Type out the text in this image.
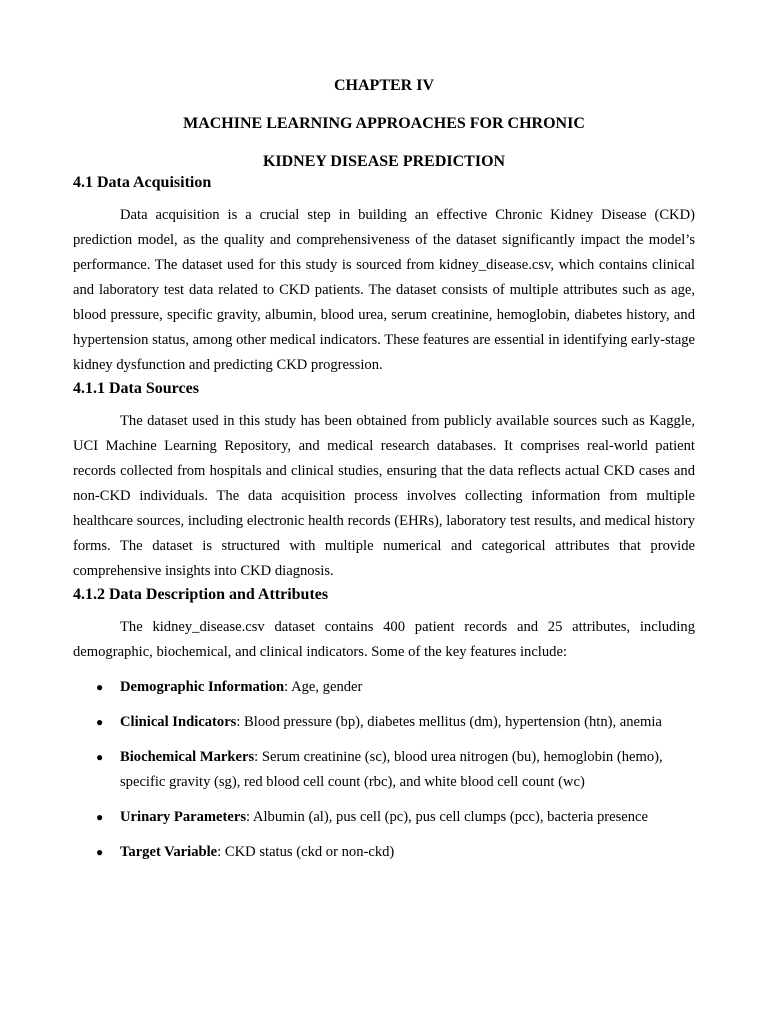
CHAPTER IV
MACHINE LEARNING APPROACHES FOR CHRONIC
KIDNEY DISEASE PREDICTION
4.1 Data Acquisition

Data acquisition is a crucial step in building an effective Chronic Kidney Disease (CKD) prediction model, as the quality and comprehensiveness of the dataset significantly impact the model’s performance. The dataset used for this study is sourced from kidney_disease.csv, which contains clinical and laboratory test data related to CKD patients. The dataset consists of multiple attributes such as age, blood pressure, specific gravity, albumin, blood urea, serum creatinine, hemoglobin, diabetes history, and hypertension status, among other medical indicators. These features are essential in identifying early-stage kidney dysfunction and predicting CKD progression.

4.1.1 Data Sources

The dataset used in this study has been obtained from publicly available sources such as Kaggle, UCI Machine Learning Repository, and medical research databases. It comprises real-world patient records collected from hospitals and clinical studies, ensuring that the data reflects actual CKD cases and non-CKD individuals. The data acquisition process involves collecting information from multiple healthcare sources, including electronic health records (EHRs), laboratory test results, and medical history forms. The dataset is structured with multiple numerical and categorical attributes that provide comprehensive insights into CKD diagnosis.

4.1.2 Data Description and Attributes

The kidney_disease.csv dataset contains 400 patient records and 25 attributes, including demographic, biochemical, and clinical indicators. Some of the key features include:

● Demographic Information: Age, gender
● Clinical Indicators: Blood pressure (bp), diabetes mellitus (dm), hypertension (htn), anemia
● Biochemical Markers: Serum creatinine (sc), blood urea nitrogen (bu), hemoglobin (hemo), specific gravity (sg), red blood cell count (rbc), and white blood cell count (wc)
● Urinary Parameters: Albumin (al), pus cell (pc), pus cell clumps (pcc), bacteria presence
● Target Variable: CKD status (ckd or non-ckd)
